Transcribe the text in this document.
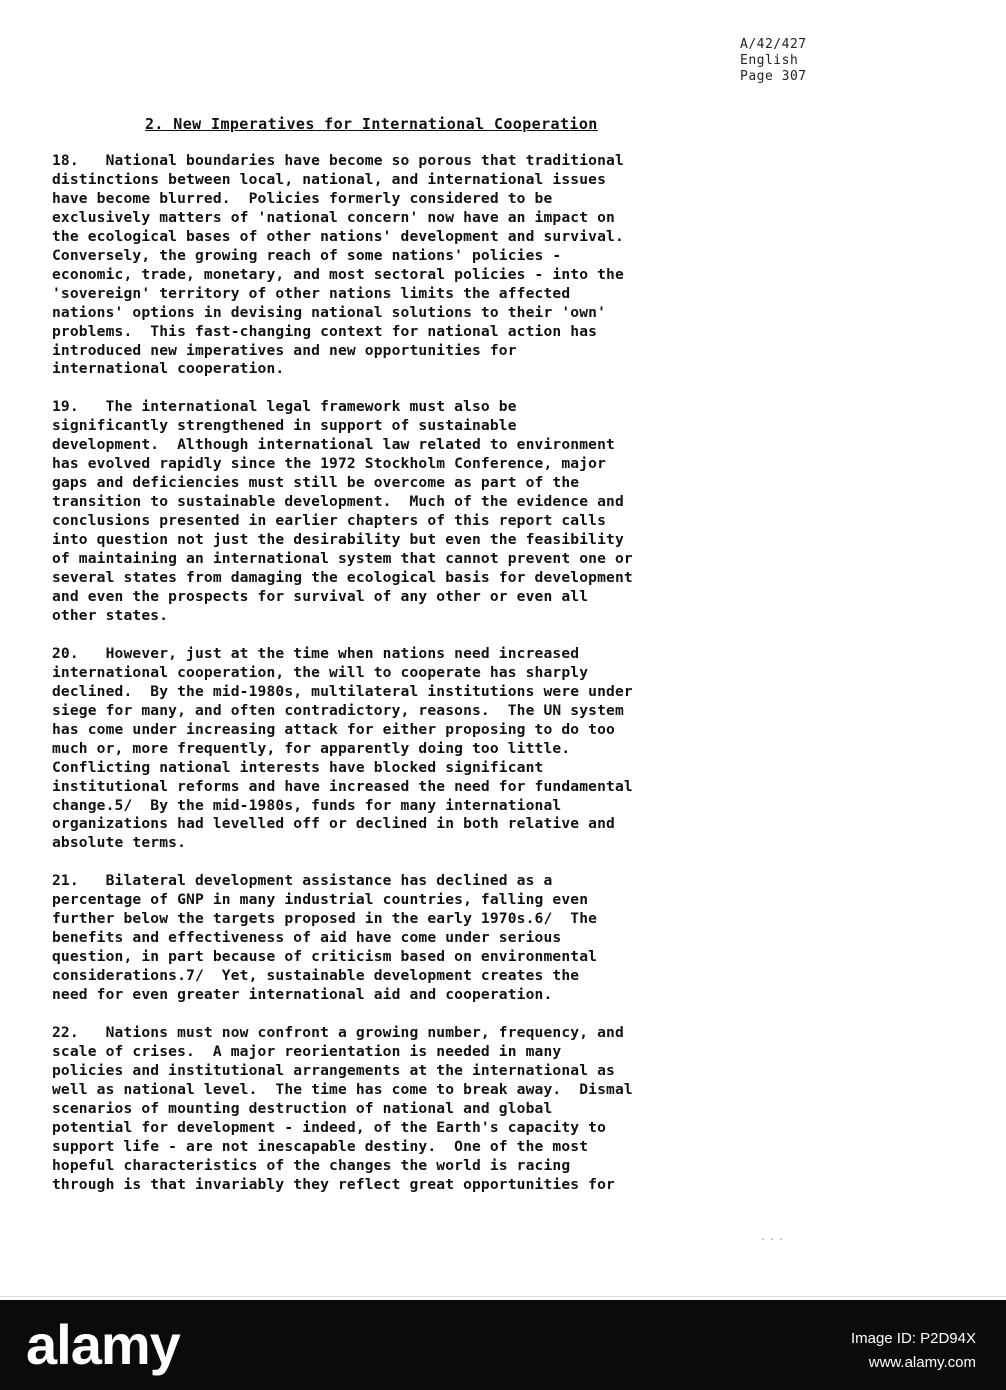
A/42/427
English
Page 307
2. New Imperatives for International Cooperation

18.   National boundaries have become so porous that traditional
distinctions between local, national, and international issues
have become blurred.  Policies formerly considered to be
exclusively matters of 'national concern' now have an impact on
the ecological bases of other nations' development and survival.
Conversely, the growing reach of some nations' policies -
economic, trade, monetary, and most sectoral policies - into the
'sovereign' territory of other nations limits the affected
nations' options in devising national solutions to their 'own'
problems.  This fast-changing context for national action has
introduced new imperatives and new opportunities for
international cooperation.

19.   The international legal framework must also be
significantly strengthened in support of sustainable
development.  Although international law related to environment
has evolved rapidly since the 1972 Stockholm Conference, major
gaps and deficiencies must still be overcome as part of the
transition to sustainable development.  Much of the evidence and
conclusions presented in earlier chapters of this report calls
into question not just the desirability but even the feasibility
of maintaining an international system that cannot prevent one or
several states from damaging the ecological basis for development
and even the prospects for survival of any other or even all
other states.

20.   However, just at the time when nations need increased
international cooperation, the will to cooperate has sharply
declined.  By the mid-1980s, multilateral institutions were under
siege for many, and often contradictory, reasons.  The UN system
has come under increasing attack for either proposing to do too
much or, more frequently, for apparently doing too little.
Conflicting national interests have blocked significant
institutional reforms and have increased the need for fundamental
change.5/  By the mid-1980s, funds for many international
organizations had levelled off or declined in both relative and
absolute terms.

21.   Bilateral development assistance has declined as a
percentage of GNP in many industrial countries, falling even
further below the targets proposed in the early 1970s.6/  The
benefits and effectiveness of aid have come under serious
question, in part because of criticism based on environmental
considerations.7/  Yet, sustainable development creates the
need for even greater international aid and cooperation.

22.   Nations must now confront a growing number, frequency, and
scale of crises.  A major reorientation is needed in many
policies and institutional arrangements at the international as
well as national level.  The time has come to break away.  Dismal
scenarios of mounting destruction of national and global
potential for development - indeed, of the Earth's capacity to
support life - are not inescapable destiny.  One of the most
hopeful characteristics of the changes the world is racing
through is that invariably they reflect great opportunities for

...
alamy	Image ID: P2D94X
www.alamy.com
